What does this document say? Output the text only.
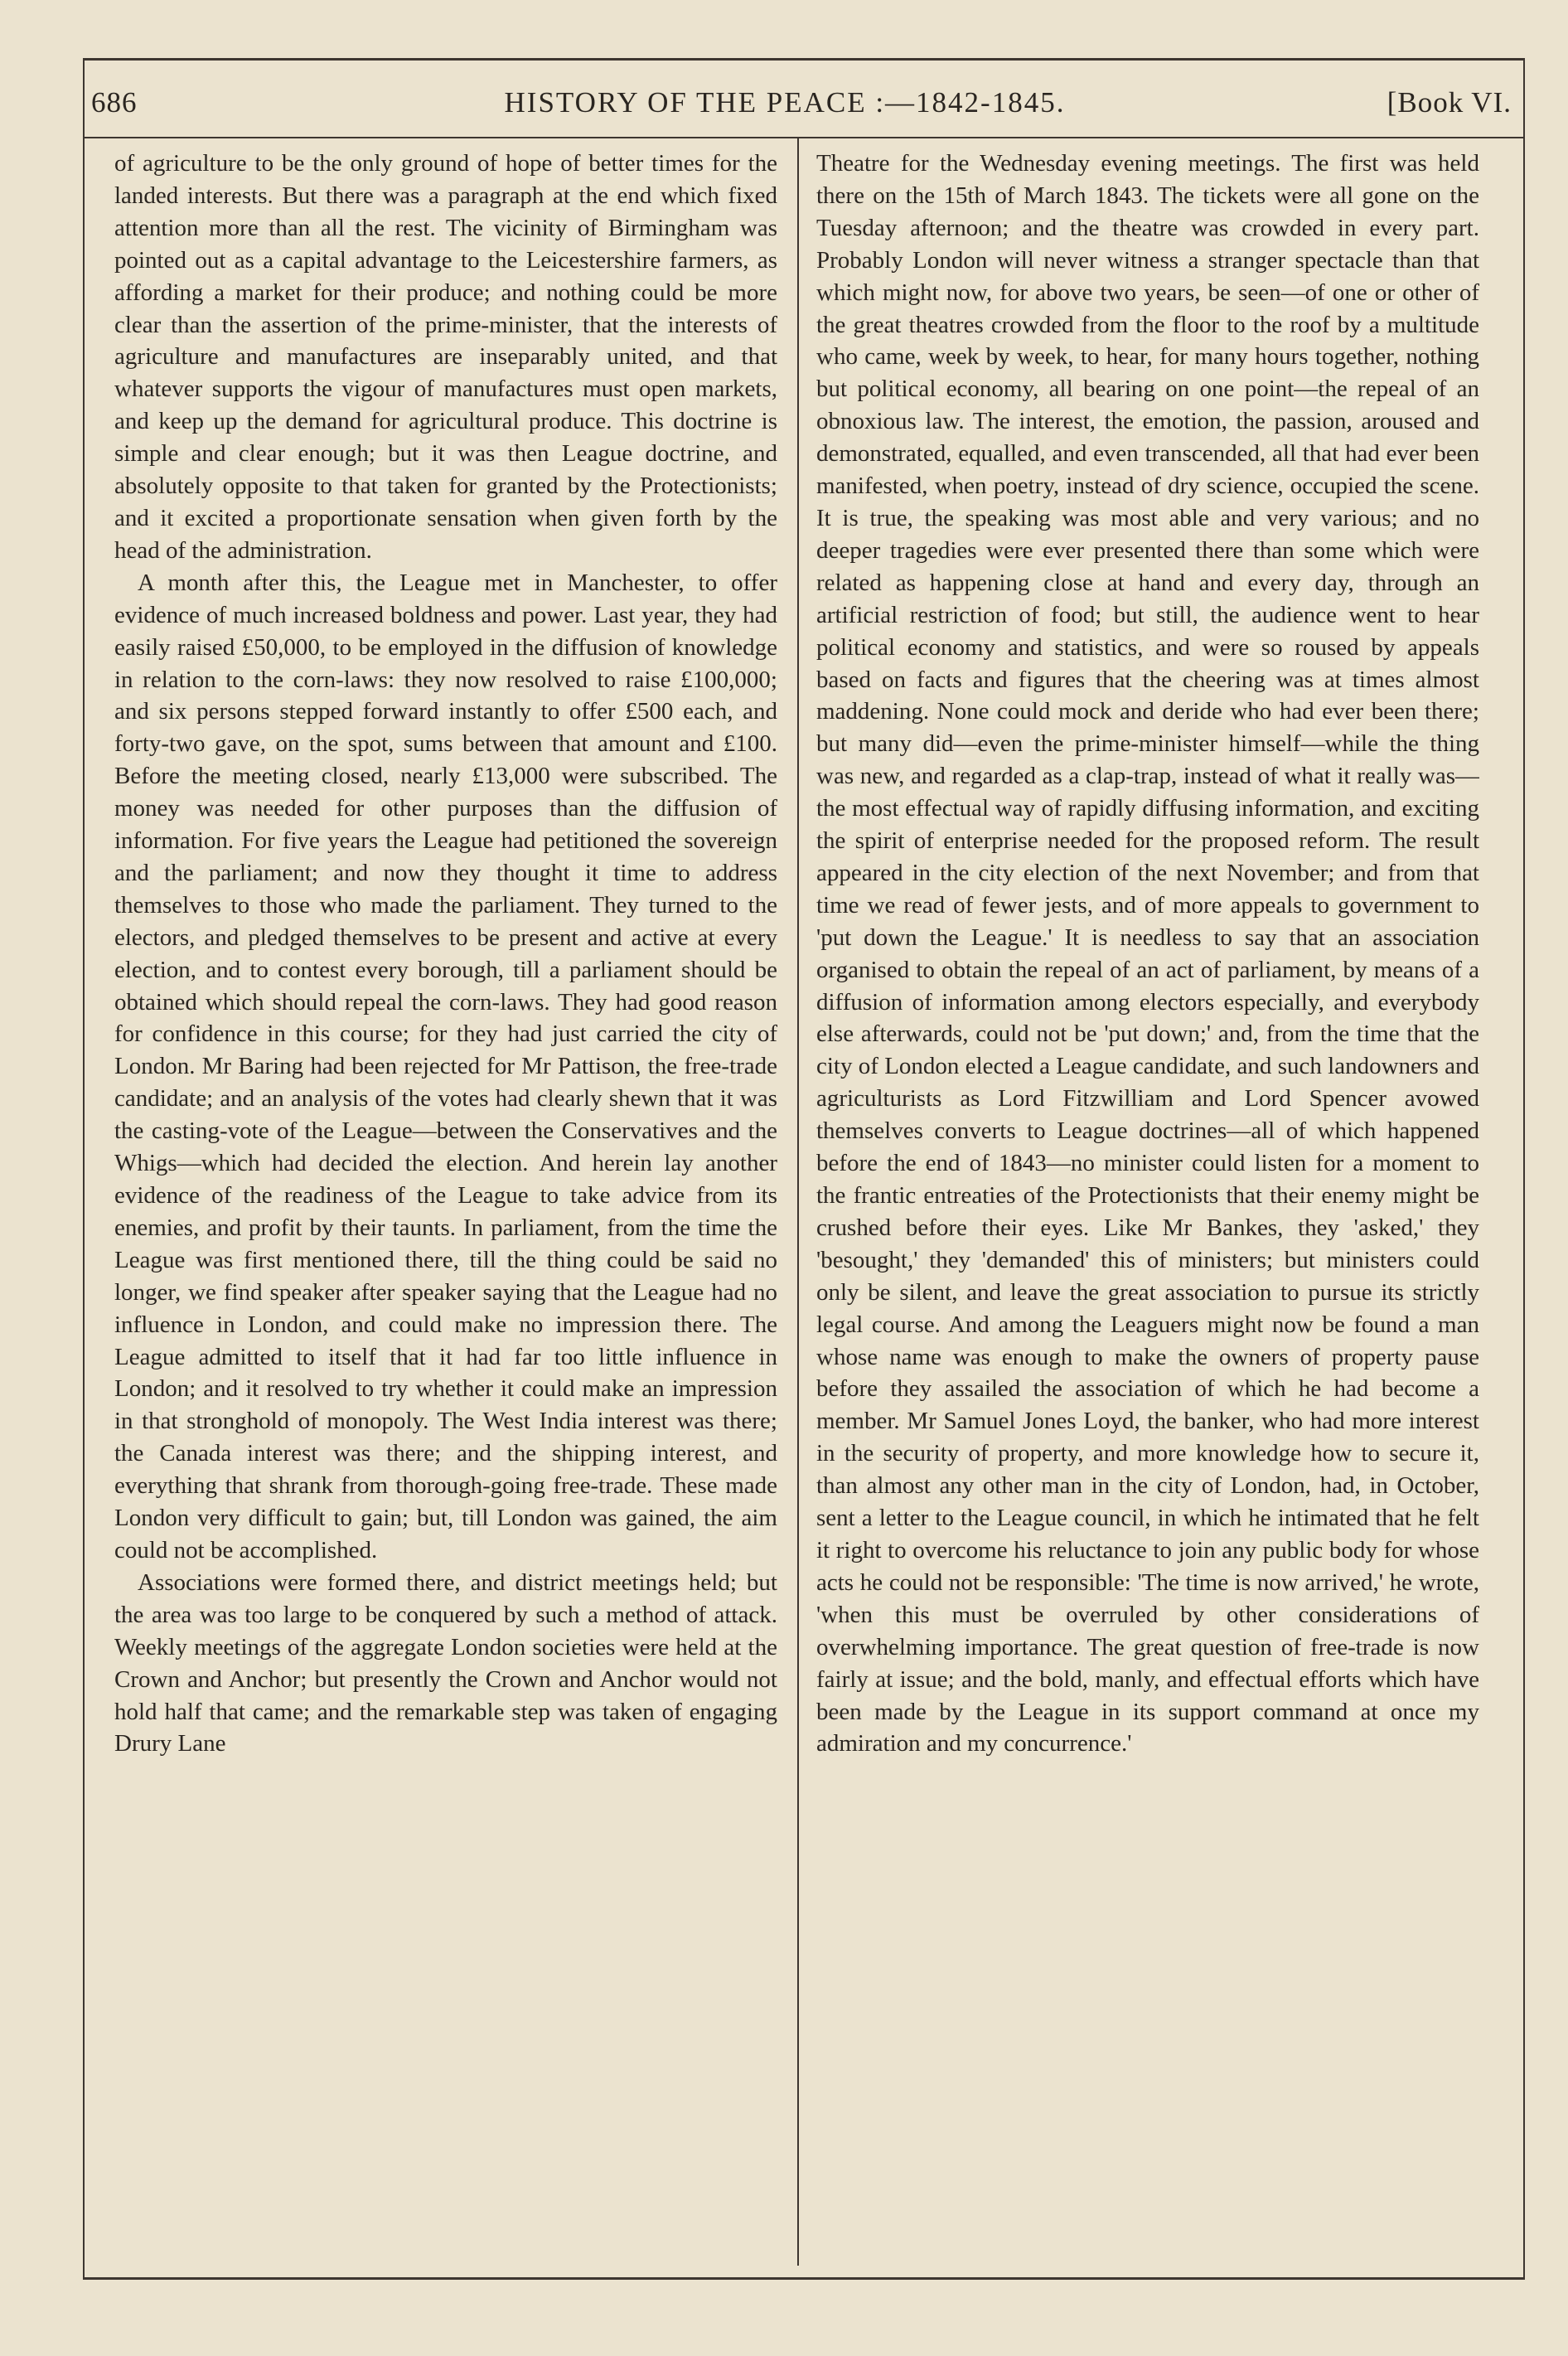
686	HISTORY OF THE PEACE :—1842-1845.	[Book VI.

of agriculture to be the only ground of hope of better times for the landed interests. But there was a paragraph at the end which fixed attention more than all the rest. The vicinity of Birmingham was pointed out as a capital advantage to the Leicestershire farmers, as affording a market for their produce; and nothing could be more clear than the assertion of the prime-minister, that the interests of agriculture and manufactures are inseparably united, and that whatever supports the vigour of manufactures must open markets, and keep up the demand for agricultural produce. This doctrine is simple and clear enough; but it was then League doctrine, and absolutely opposite to that taken for granted by the Protectionists; and it excited a proportionate sensation when given forth by the head of the administration.

A month after this, the League met in Manchester, to offer evidence of much increased boldness and power. Last year, they had easily raised £50,000, to be employed in the diffusion of knowledge in relation to the corn-laws: they now resolved to raise £100,000; and six persons stepped forward instantly to offer £500 each, and forty-two gave, on the spot, sums between that amount and £100. Before the meeting closed, nearly £13,000 were subscribed. The money was needed for other purposes than the diffusion of information. For five years the League had petitioned the sovereign and the parliament; and now they thought it time to address themselves to those who made the parliament. They turned to the electors, and pledged themselves to be present and active at every election, and to contest every borough, till a parliament should be obtained which should repeal the corn-laws. They had good reason for confidence in this course; for they had just carried the city of London. Mr Baring had been rejected for Mr Pattison, the free-trade candidate; and an analysis of the votes had clearly shewn that it was the casting-vote of the League—between the Conservatives and the Whigs—which had decided the election. And herein lay another evidence of the readiness of the League to take advice from its enemies, and profit by their taunts. In parliament, from the time the League was first mentioned there, till the thing could be said no longer, we find speaker after speaker saying that the League had no influence in London, and could make no impression there. The League admitted to itself that it had far too little influence in London; and it resolved to try whether it could make an impression in that stronghold of monopoly. The West India interest was there; the Canada interest was there; and the shipping interest, and everything that shrank from thorough-going free-trade. These made London very difficult to gain; but, till London was gained, the aim could not be accomplished.

Associations were formed there, and district meetings held; but the area was too large to be conquered by such a method of attack. Weekly meetings of the aggregate London societies were held at the Crown and Anchor; but presently the Crown and Anchor would not hold half that came; and the remarkable step was taken of engaging Drury Lane

Theatre for the Wednesday evening meetings. The first was held there on the 15th of March 1843. The tickets were all gone on the Tuesday afternoon; and the theatre was crowded in every part. Probably London will never witness a stranger spectacle than that which might now, for above two years, be seen—of one or other of the great theatres crowded from the floor to the roof by a multitude who came, week by week, to hear, for many hours together, nothing but political economy, all bearing on one point—the repeal of an obnoxious law. The interest, the emotion, the passion, aroused and demonstrated, equalled, and even transcended, all that had ever been manifested, when poetry, instead of dry science, occupied the scene. It is true, the speaking was most able and very various; and no deeper tragedies were ever presented there than some which were related as happening close at hand and every day, through an artificial restriction of food; but still, the audience went to hear political economy and statistics, and were so roused by appeals based on facts and figures that the cheering was at times almost maddening. None could mock and deride who had ever been there; but many did—even the prime-minister himself—while the thing was new, and regarded as a clap-trap, instead of what it really was—the most effectual way of rapidly diffusing information, and exciting the spirit of enterprise needed for the proposed reform. The result appeared in the city election of the next November; and from that time we read of fewer jests, and of more appeals to government to 'put down the League.' It is needless to say that an association organised to obtain the repeal of an act of parliament, by means of a diffusion of information among electors especially, and everybody else afterwards, could not be 'put down;' and, from the time that the city of London elected a League candidate, and such landowners and agriculturists as Lord Fitzwilliam and Lord Spencer avowed themselves converts to League doctrines—all of which happened before the end of 1843—no minister could listen for a moment to the frantic entreaties of the Protectionists that their enemy might be crushed before their eyes. Like Mr Bankes, they 'asked,' they 'besought,' they 'demanded' this of ministers; but ministers could only be silent, and leave the great association to pursue its strictly legal course. And among the Leaguers might now be found a man whose name was enough to make the owners of property pause before they assailed the association of which he had become a member. Mr Samuel Jones Loyd, the banker, who had more interest in the security of property, and more knowledge how to secure it, than almost any other man in the city of London, had, in October, sent a letter to the League council, in which he intimated that he felt it right to overcome his reluctance to join any public body for whose acts he could not be responsible: 'The time is now arrived,' he wrote, 'when this must be overruled by other considerations of overwhelming importance. The great question of free-trade is now fairly at issue; and the bold, manly, and effectual efforts which have been made by the League in its support command at once my admiration and my concurrence.'
